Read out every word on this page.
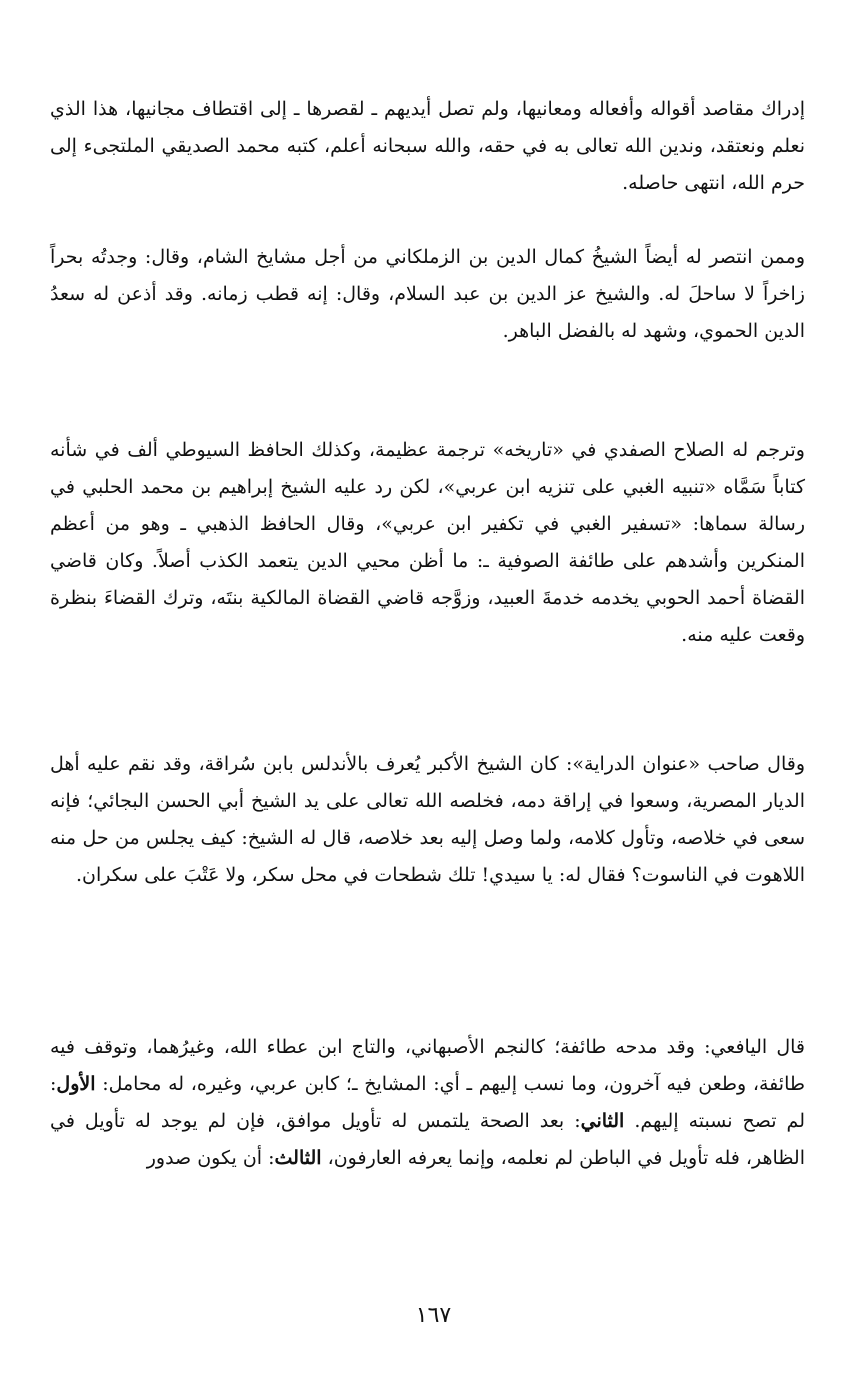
إدراك مقاصد أقواله وأفعاله ومعانيها، ولم تصل أيديهم ـ لقصرها ـ إلى اقتطاف مجانيها، هذا الذي نعلم ونعتقد، وندين الله تعالى به في حقه، والله سبحانه أعلم، كتبه محمد الصديقي الملتجىء إلى حرم الله، انتهى حاصله.

وممن انتصر له أيضاً الشيخُ كمال الدين بن الزملكاني من أجل مشايخ الشام، وقال: وجدتُه بحراً زاخراً لا ساحلَ له. والشيخ عز الدين بن عبد السلام، وقال: إنه قطب زمانه. وقد أذعن له سعدُ الدين الحموي، وشهد له بالفضل الباهر.

وترجم له الصلاح الصفدي في «تاريخه» ترجمة عظيمة، وكذلك الحافظ السيوطي ألف في شأنه كتاباً سَمَّاه «تنبيه الغبي على تنزيه ابن عربي»، لكن رد عليه الشيخ إبراهيم بن محمد الحلبي في رسالة سماها: «تسفير الغبي في تكفير ابن عربي»، وقال الحافظ الذهبي ـ وهو من أعظم المنكرين وأشدهم على طائفة الصوفية ـ: ما أظن محيي الدين يتعمد الكذب أصلاً. وكان قاضي القضاة أحمد الحوبي يخدمه خدمةَ العبيد، وزوَّجه قاضي القضاة المالكية بنتَه، وترك القضاءَ بنظرة وقعت عليه منه.

وقال صاحب «عنوان الدراية»: كان الشيخ الأكبر يُعرف بالأندلس بابن سُراقة، وقد نقم عليه أهل الديار المصرية، وسعوا في إراقة دمه، فخلصه الله تعالى على يد الشيخ أبي الحسن البجائي؛ فإنه سعى في خلاصه، وتأول كلامه، ولما وصل إليه بعد خلاصه، قال له الشيخ: كيف يجلس من حل منه اللاهوت في الناسوت؟ فقال له: يا سيدي! تلك شطحات في محل سكر، ولا عَتْبَ على سكران.

قال اليافعي: وقد مدحه طائفة؛ كالنجم الأصبهاني، والتاج ابن عطاء الله، وغيرُهما، وتوقف فيه طائفة، وطعن فيه آخرون، وما نسب إليهم ـ أي: المشايخ ـ؛ كابن عربي، وغيره، له محامل: الأول: لم تصح نسبته إليهم. الثاني: بعد الصحة يلتمس له تأويل موافق، فإن لم يوجد له تأويل في الظاهر، فله تأويل في الباطن لم نعلمه، وإنما يعرفه العارفون، الثالث: أن يكون صدور

١٦٧
